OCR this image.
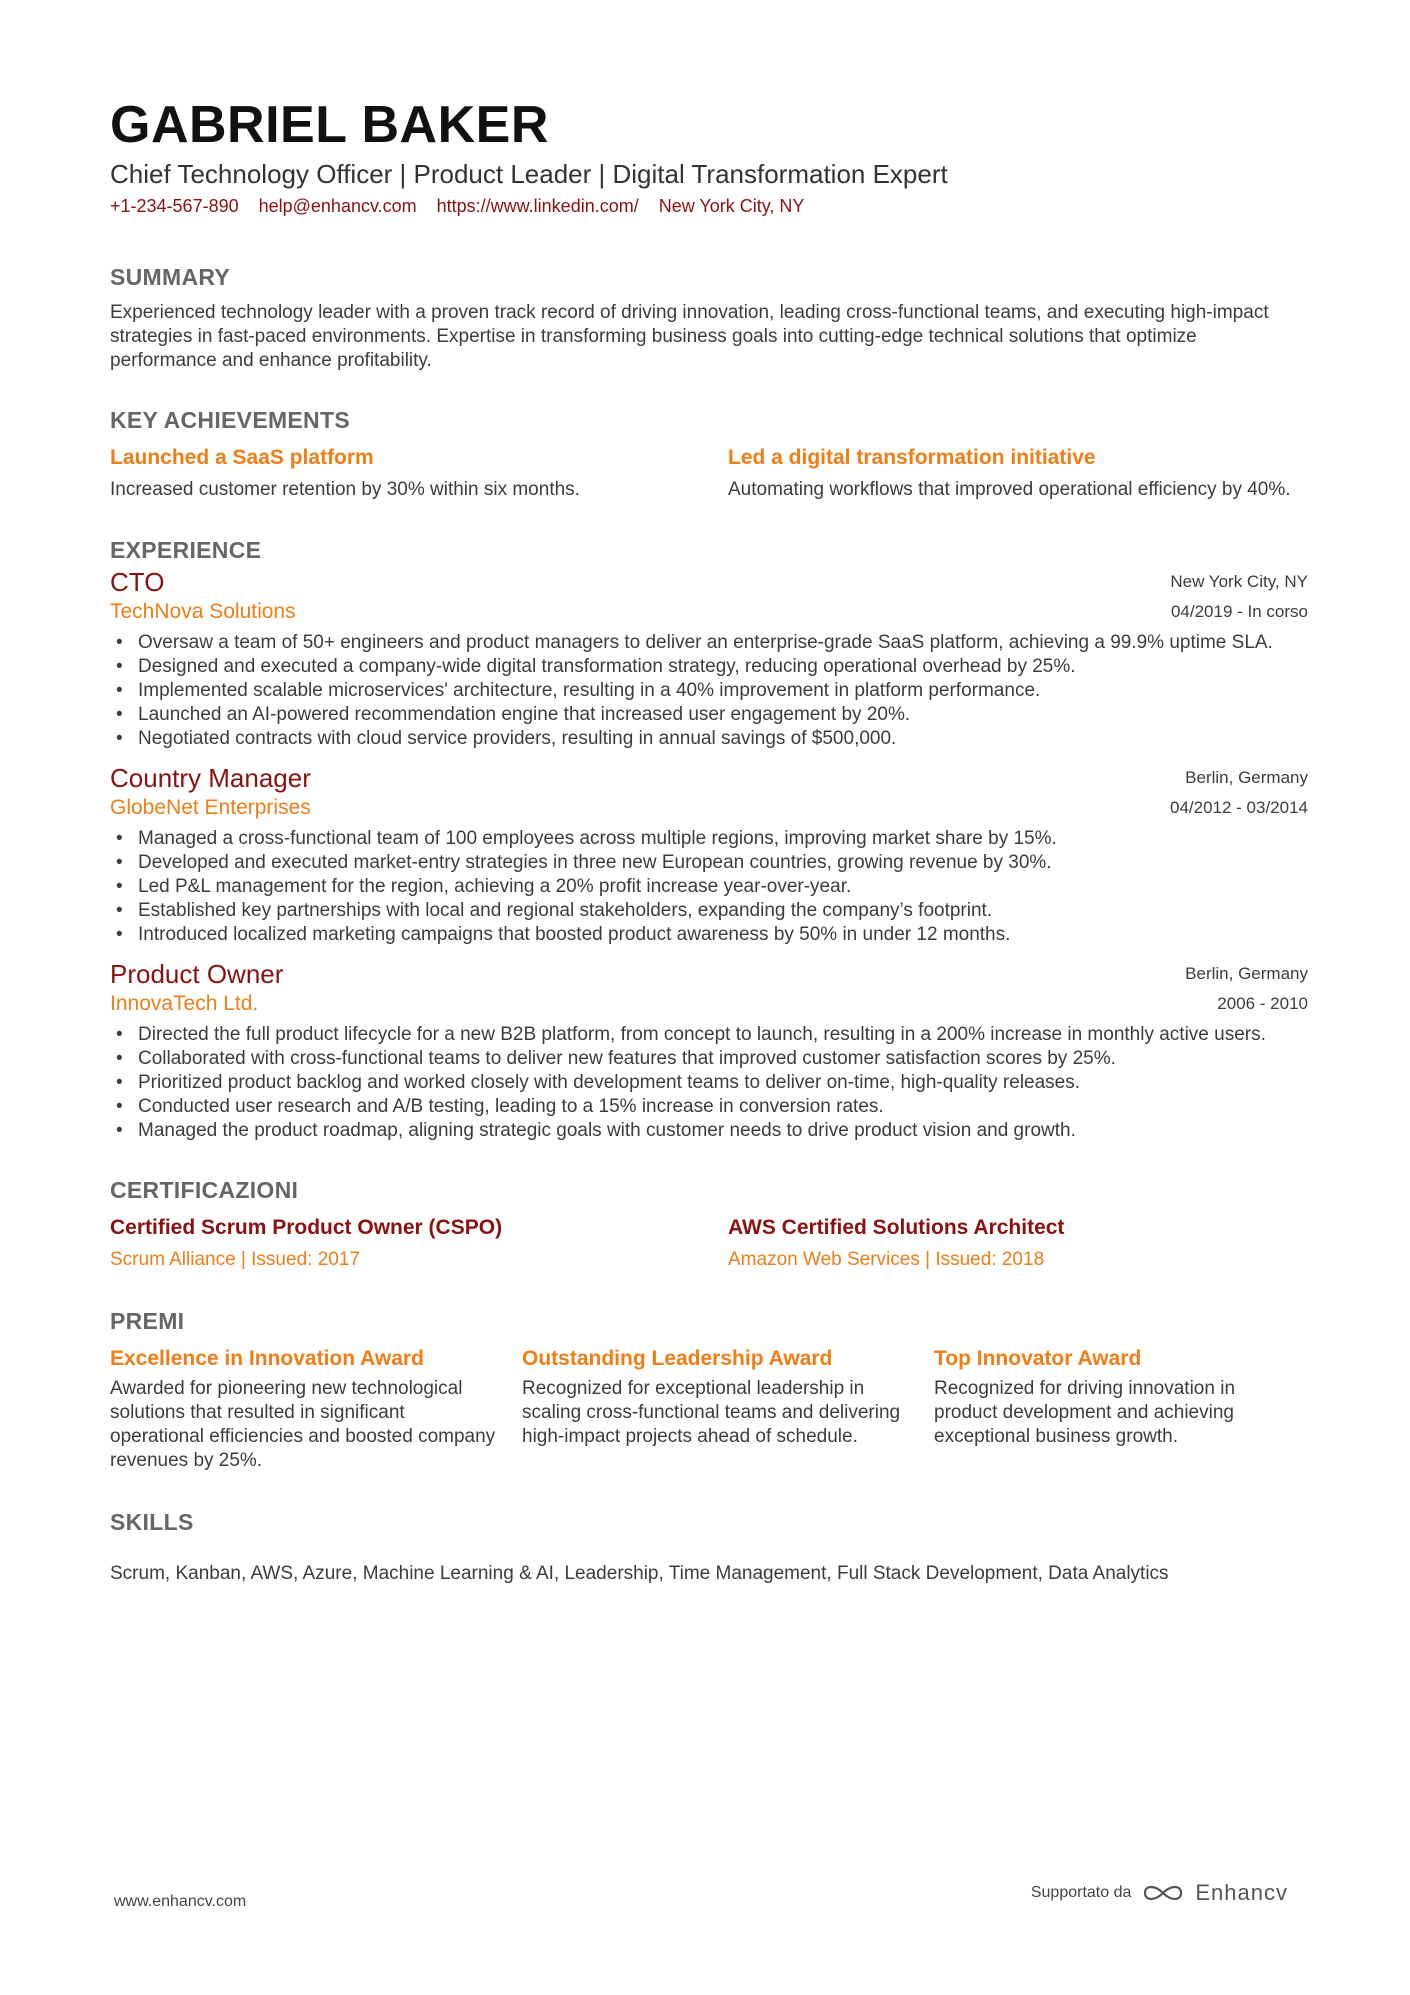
GABRIEL BAKER
Chief Technology Officer | Product Leader | Digital Transformation Expert
+1-234-567-890 help@enhancv.com https://www.linkedin.com/ New York City, NY
SUMMARY
Experienced technology leader with a proven track record of driving innovation, leading cross-functional teams, and executing high-impact strategies in fast-paced environments. Expertise in transforming business goals into cutting-edge technical solutions that optimize performance and enhance profitability.
KEY ACHIEVEMENTS
Launched a SaaS platform
Increased customer retention by 30% within six months.
Led a digital transformation initiative
Automating workflows that improved operational efficiency by 40%.
EXPERIENCE
CTO
TechNova Solutions
New York City, NY
04/2019 - In corso
• Oversaw a team of 50+ engineers and product managers to deliver an enterprise-grade SaaS platform, achieving a 99.9% uptime SLA.
• Designed and executed a company-wide digital transformation strategy, reducing operational overhead by 25%.
• Implemented scalable microservices' architecture, resulting in a 40% improvement in platform performance.
• Launched an AI-powered recommendation engine that increased user engagement by 20%.
• Negotiated contracts with cloud service providers, resulting in annual savings of $500,000.
Country Manager
GlobeNet Enterprises
Berlin, Germany
04/2012 - 03/2014
• Managed a cross-functional team of 100 employees across multiple regions, improving market share by 15%.
• Developed and executed market-entry strategies in three new European countries, growing revenue by 30%.
• Led P&L management for the region, achieving a 20% profit increase year-over-year.
• Established key partnerships with local and regional stakeholders, expanding the company’s footprint.
• Introduced localized marketing campaigns that boosted product awareness by 50% in under 12 months.
Product Owner
InnovaTech Ltd.
Berlin, Germany
2006 - 2010
• Directed the full product lifecycle for a new B2B platform, from concept to launch, resulting in a 200% increase in monthly active users.
• Collaborated with cross-functional teams to deliver new features that improved customer satisfaction scores by 25%.
• Prioritized product backlog and worked closely with development teams to deliver on-time, high-quality releases.
• Conducted user research and A/B testing, leading to a 15% increase in conversion rates.
• Managed the product roadmap, aligning strategic goals with customer needs to drive product vision and growth.
CERTIFICAZIONI
Certified Scrum Product Owner (CSPO)
Scrum Alliance | Issued: 2017
AWS Certified Solutions Architect
Amazon Web Services | Issued: 2018
PREMI
Excellence in Innovation Award
Awarded for pioneering new technological solutions that resulted in significant operational efficiencies and boosted company revenues by 25%.
Outstanding Leadership Award
Recognized for exceptional leadership in scaling cross-functional teams and delivering high-impact projects ahead of schedule.
Top Innovator Award
Recognized for driving innovation in product development and achieving exceptional business growth.
SKILLS
Scrum, Kanban, AWS, Azure, Machine Learning & AI, Leadership, Time Management, Full Stack Development, Data Analytics
www.enhancv.com
Supportato da	Enhancv
